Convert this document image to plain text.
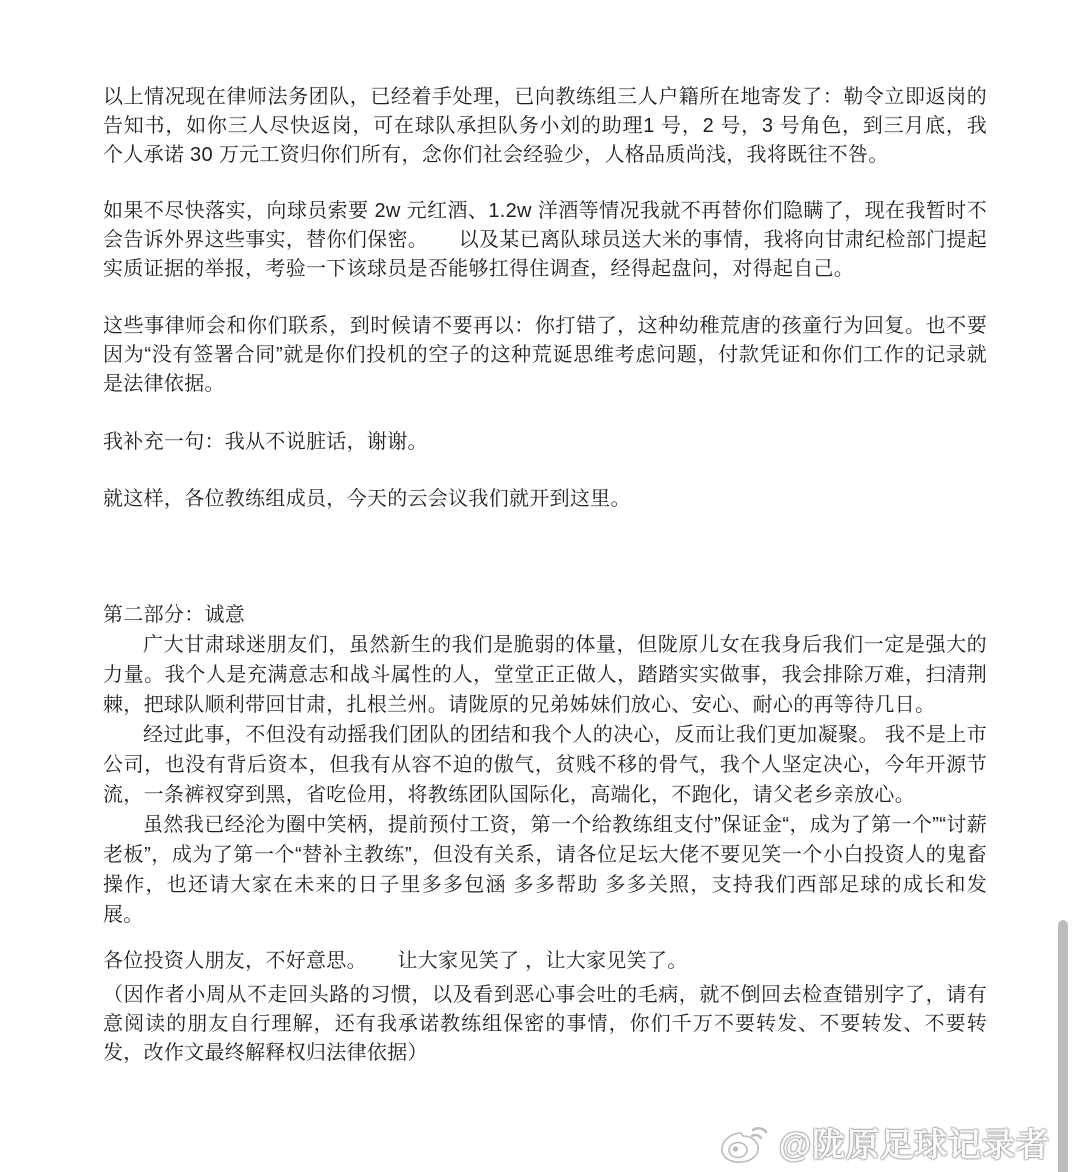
以上情况现在律师法务团队，已经着手处理，已向教练组三人户籍所在地寄发了：勒令立即返岗的告知书，如你三人尽快返岗，可在球队承担队务小刘的助理1 号，2 号，3 号角色，到三月底，我个人承诺 30 万元工资归你们所有，念你们社会经验少，人格品质尚浅，我将既往不咎。

如果不尽快落实，向球员索要 2w 元红酒、1.2w 洋酒等情况我就不再替你们隐瞒了，现在我暂时不会告诉外界这些事实，替你们保密。　　以及某已离队球员送大米的事情，我将向甘肃纪检部门提起实质证据的举报，考验一下该球员是否能够扛得住调查，经得起盘问，对得起自己。

这些事律师会和你们联系，到时候请不要再以：你打错了，这种幼稚荒唐的孩童行为回复。也不要因为“没有签署合同”就是你们投机的空子的这种荒诞思维考虑问题，付款凭证和你们工作的记录就是法律依据。

我补充一句：我从不说脏话，谢谢。

就这样，各位教练组成员，今天的云会议我们就开到这里。

第二部分：诚意

广大甘肃球迷朋友们，虽然新生的我们是脆弱的体量，但陇原儿女在我身后我们一定是强大的力量。我个人是充满意志和战斗属性的人，堂堂正正做人，踏踏实实做事，我会排除万难，扫清荆棘，把球队顺利带回甘肃，扎根兰州。请陇原的兄弟姊妹们放心、安心、耐心的再等待几日。

经过此事，不但没有动摇我们团队的团结和我个人的决心，反而让我们更加凝聚。 我不是上市公司，也没有背后资本，但我有从容不迫的傲气，贫贱不移的骨气，我个人坚定决心，今年开源节流，一条裤衩穿到黑，省吃俭用，将教练团队国际化，高端化，不跑化，请父老乡亲放心。

虽然我已经沦为圈中笑柄，提前预付工资，第一个给教练组支付”保证金“，成为了第一个”“讨薪老板”，成为了第一个“替补主教练”，但没有关系，请各位足坛大佬不要见笑一个小白投资人的鬼畜操作，也还请大家在未来的日子里多多包涵 多多帮助 多多关照，支持我们西部足球的成长和发展。

各位投资人朋友，不好意思。　　让大家见笑了 ，让大家见笑了。

（因作者小周从不走回头路的习惯，以及看到恶心事会吐的毛病，就不倒回去检查错别字了，请有意阅读的朋友自行理解，还有我承诺教练组保密的事情，你们千万不要转发、不要转发、不要转发，改作文最终解释权归法律依据）

@陇原足球记录者
